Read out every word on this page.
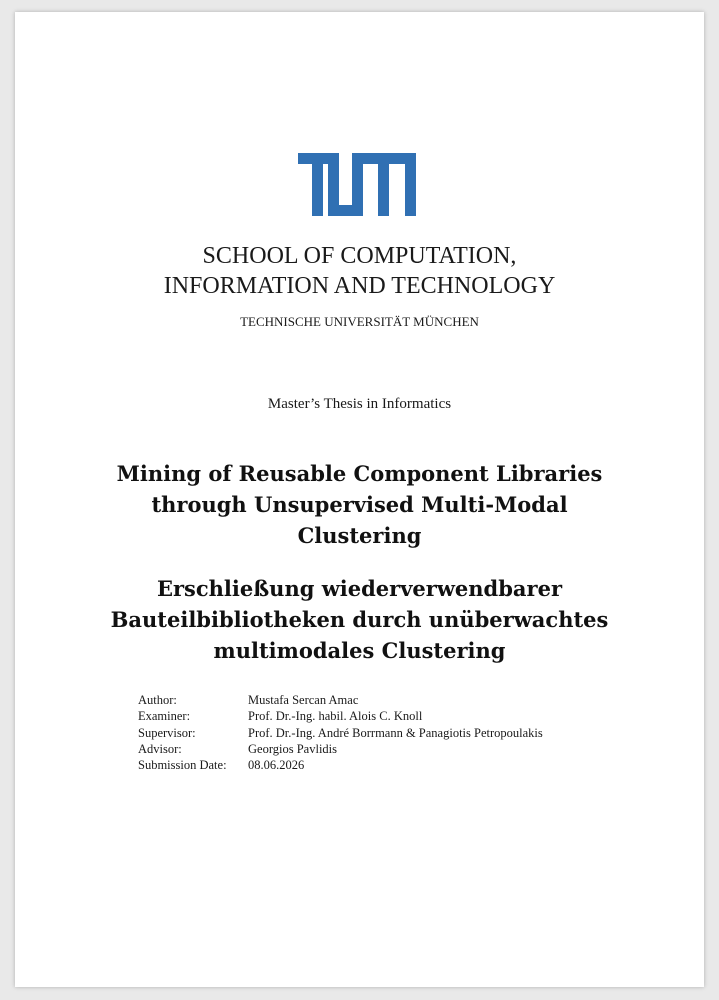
SCHOOL OF COMPUTATION,
INFORMATION AND TECHNOLOGY
TECHNISCHE UNIVERSITÄT MÜNCHEN
Master’s Thesis in Informatics
Mining of Reusable Component Libraries
through Unsupervised Multi-Modal
Clustering
Erschließung wiederverwendbarer
Bauteilbibliotheken durch unüberwachtes
multimodales Clustering
Author:	Mustafa Sercan Amac
Examiner:	Prof. Dr.-Ing. habil. Alois C. Knoll
Supervisor:	Prof. Dr.-Ing. André Borrmann & Panagiotis Petropoulakis
Advisor:	Georgios Pavlidis
Submission Date: 08.06.2026
